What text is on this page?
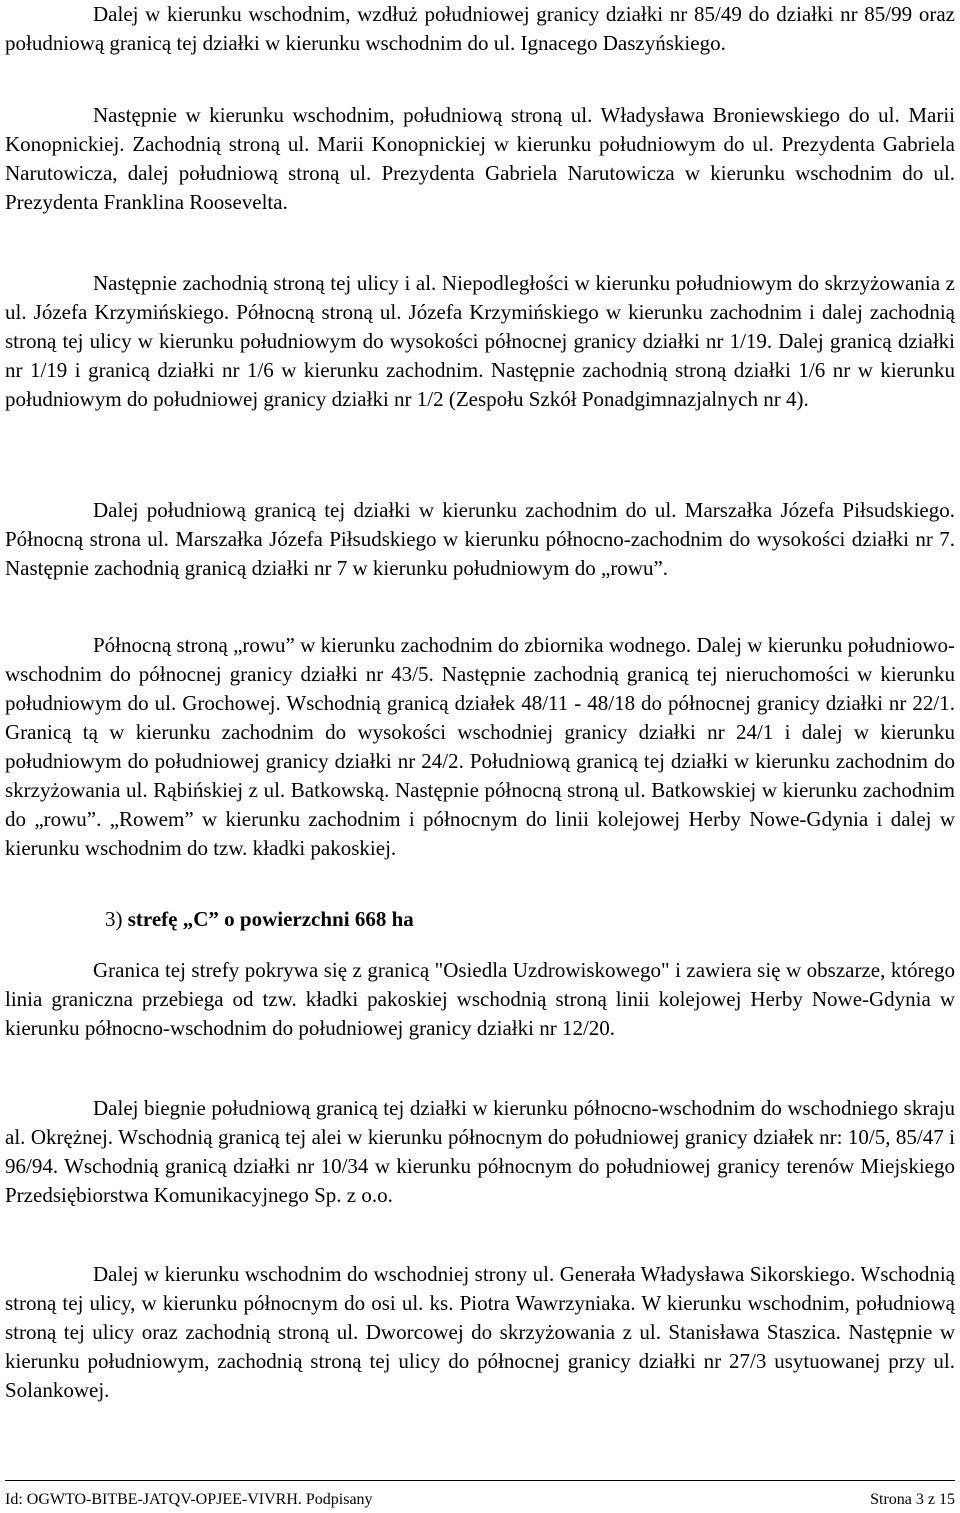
Dalej w kierunku wschodnim, wzdłuż południowej granicy działki nr 85/49 do działki nr 85/99 oraz południową granicą tej działki w kierunku wschodnim do ul. Ignacego Daszyńskiego.

Następnie w kierunku wschodnim, południową stroną ul. Władysława Broniewskiego do ul. Marii Konopnickiej. Zachodnią stroną ul. Marii Konopnickiej w kierunku południowym do ul. Prezydenta Gabriela Narutowicza, dalej południową stroną ul. Prezydenta Gabriela Narutowicza w kierunku wschodnim do ul. Prezydenta Franklina Roosevelta.

Następnie zachodnią stroną tej ulicy i al. Niepodległości w kierunku południowym do skrzyżowania z ul. Józefa Krzymińskiego. Północną stroną ul. Józefa Krzymińskiego w kierunku zachodnim i dalej zachodnią stroną tej ulicy w kierunku południowym do wysokości północnej granicy działki nr 1/19. Dalej granicą działki nr 1/19 i granicą działki nr 1/6 w kierunku zachodnim. Następnie zachodnią stroną działki 1/6 nr w kierunku południowym do południowej granicy działki nr 1/2 (Zespołu Szkół Ponadgimnazjalnych nr 4).

Dalej południową granicą tej działki w kierunku zachodnim do ul. Marszałka Józefa Piłsudskiego. Północną strona ul. Marszałka Józefa Piłsudskiego w kierunku północno-zachodnim do wysokości działki nr 7. Następnie zachodnią granicą działki nr 7 w kierunku południowym do „rowu”.

Północną stroną „rowu” w kierunku zachodnim do zbiornika wodnego. Dalej w kierunku południowo-wschodnim do północnej granicy działki nr 43/5. Następnie zachodnią granicą tej nieruchomości w kierunku południowym do ul. Grochowej. Wschodnią granicą działek 48/11 - 48/18 do północnej granicy działki nr 22/1. Granicą tą w kierunku zachodnim do wysokości wschodniej granicy działki nr 24/1 i dalej w kierunku południowym do południowej granicy działki nr 24/2. Południową granicą tej działki w kierunku zachodnim do skrzyżowania ul. Rąbińskiej z ul. Batkowską. Następnie północną stroną ul. Batkowskiej w kierunku zachodnim do „rowu”. „Rowem” w kierunku zachodnim i północnym do linii kolejowej Herby Nowe-Gdynia i dalej w kierunku wschodnim do tzw. kładki pakoskiej.

3) strefę „C” o powierzchni 668 ha

Granica tej strefy pokrywa się z granicą "Osiedla Uzdrowiskowego" i zawiera się w obszarze, którego linia graniczna przebiega od tzw. kładki pakoskiej wschodnią stroną linii kolejowej Herby Nowe-Gdynia w kierunku północno-wschodnim do południowej granicy działki nr 12/20.

Dalej biegnie południową granicą tej działki w kierunku północno-wschodnim do wschodniego skraju al. Okrężnej. Wschodnią granicą tej alei w kierunku północnym do południowej granicy działek nr: 10/5, 85/47 i 96/94. Wschodnią granicą działki nr 10/34 w kierunku północnym do południowej granicy terenów Miejskiego Przedsiębiorstwa Komunikacyjnego Sp. z o.o.

Dalej w kierunku wschodnim do wschodniej strony ul. Generała Władysława Sikorskiego. Wschodnią stroną tej ulicy, w kierunku północnym do osi ul. ks. Piotra Wawrzyniaka. W kierunku wschodnim, południową stroną tej ulicy oraz zachodnią stroną ul. Dworcowej do skrzyżowania z ul. Stanisława Staszica. Następnie w kierunku południowym, zachodnią stroną tej ulicy do północnej granicy działki nr 27/3 usytuowanej przy ul. Solankowej.

Id: OGWTO-BITBE-JATQV-OPJEE-VIVRH. Podpisany	Strona 3 z 15
